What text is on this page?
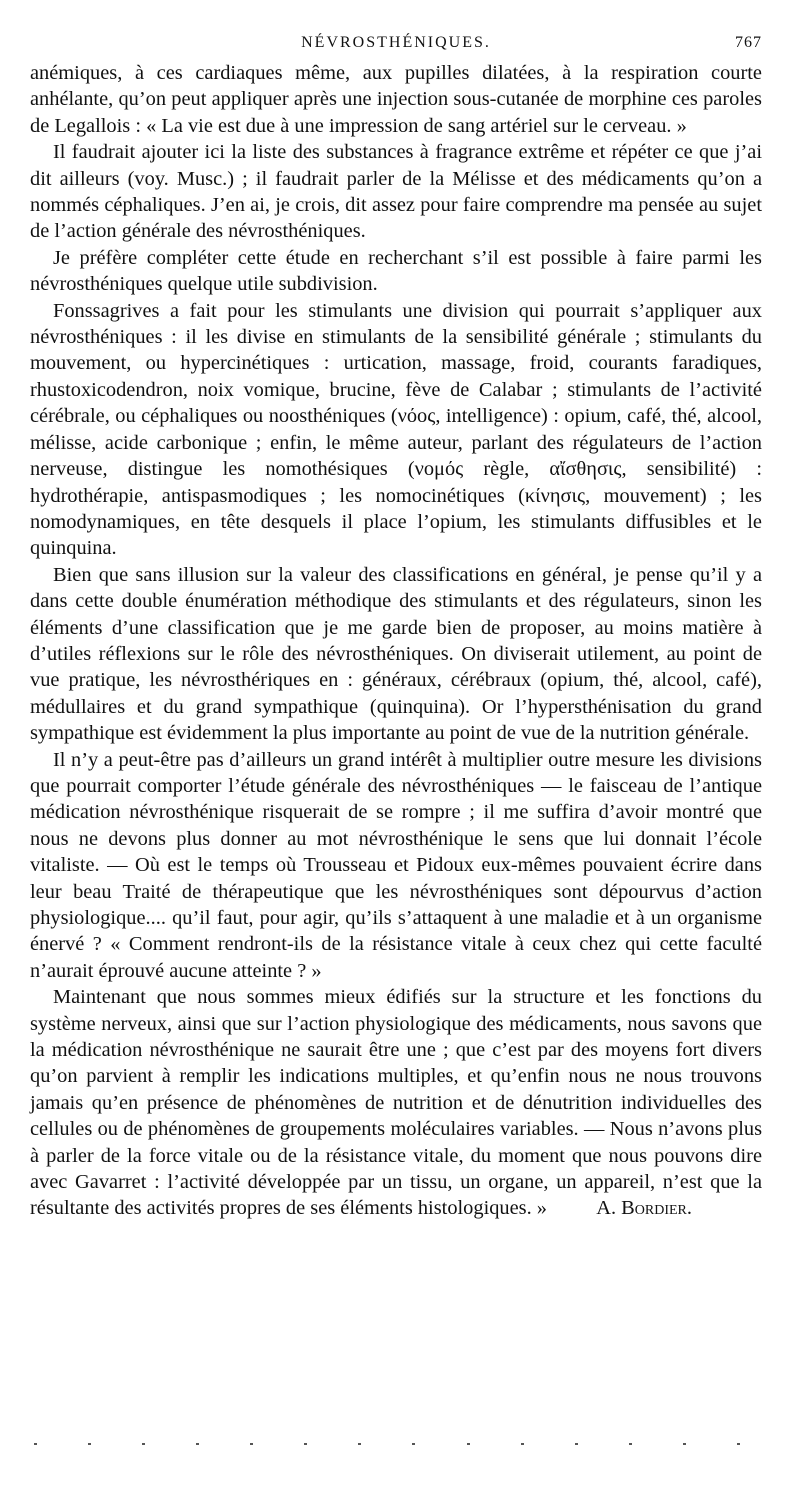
NÉVROSTHÉNIQUES.	767

anémiques, à ces cardiaques même, aux pupilles dilatées, à la respiration courte anhélante, qu’on peut appliquer après une injection sous-cutanée de morphine ces paroles de Legallois : « La vie est due à une impression de sang artériel sur le cerveau. »

Il faudrait ajouter ici la liste des substances à fragrance extrême et répéter ce que j’ai dit ailleurs (voy. Musc.) ; il faudrait parler de la Mélisse et des médicaments qu’on a nommés céphaliques. J’en ai, je crois, dit assez pour faire comprendre ma pensée au sujet de l’action générale des névrosthéniques.

Je préfère compléter cette étude en recherchant s’il est possible à faire parmi les névrosthéniques quelque utile subdivision.

Fonssagrives a fait pour les stimulants une division qui pourrait s’appliquer aux névrosthéniques : il les divise en stimulants de la sensibilité générale ; stimulants du mouvement, ou hypercinétiques : urtication, massage, froid, courants faradiques, rhustoxicodendron, noix vomique, brucine, fève de Calabar ; stimulants de l’activité cérébrale, ou céphaliques ou noosthéniques (νόος, intelligence) : opium, café, thé, alcool, mélisse, acide carbonique ; enfin, le même auteur, parlant des régulateurs de l’action nerveuse, distingue les nomothésiques (νομός règle, αἴσθησις, sensibilité) : hydrothérapie, antispasmodiques ; les nomocinétiques (κίνησις, mouvement) ; les nomodynamiques, en tête desquels il place l’opium, les stimulants diffusibles et le quinquina.

Bien que sans illusion sur la valeur des classifications en général, je pense qu’il y a dans cette double énumération méthodique des stimulants et des régulateurs, sinon les éléments d’une classification que je me garde bien de proposer, au moins matière à d’utiles réflexions sur le rôle des névrosthéniques. On diviserait utilement, au point de vue pratique, les névrosthériques en : généraux, cérébraux (opium, thé, alcool, café), médullaires et du grand sympathique (quinquina). Or l’hypersthénisation du grand sympathique est évidemment la plus importante au point de vue de la nutrition générale.

Il n’y a peut-être pas d’ailleurs un grand intérêt à multiplier outre mesure les divisions que pourrait comporter l’étude générale des névrosthéniques — le faisceau de l’antique médication névrosthénique risquerait de se rompre ; il me suffira d’avoir montré que nous ne devons plus donner au mot névrosthénique le sens que lui donnait l’école vitaliste. — Où est le temps où Trousseau et Pidoux eux-mêmes pouvaient écrire dans leur beau Traité de thérapeutique que les névrosthéniques sont dépourvus d’action physiologique.... qu’il faut, pour agir, qu’ils s’attaquent à une maladie et à un organisme énervé ? « Comment rendront-ils de la résistance vitale à ceux chez qui cette faculté n’aurait éprouvé aucune atteinte ? »

Maintenant que nous sommes mieux édifiés sur la structure et les fonctions du système nerveux, ainsi que sur l’action physiologique des médicaments, nous savons que la médication névrosthénique ne saurait être une ; que c’est par des moyens fort divers qu’on parvient à remplir les indications multiples, et qu’enfin nous ne nous trouvons jamais qu’en présence de phénomènes de nutrition et de dénutrition individuelles des cellules ou de phénomènes de groupements moléculaires variables. — Nous n’avons plus à parler de la force vitale ou de la résistance vitale, du moment que nous pouvons dire avec Gavarret : l’activité développée par un tissu, un organe, un appareil, n’est que la résultante des activités propres de ses éléments histologiques. »	A. Bordier.
